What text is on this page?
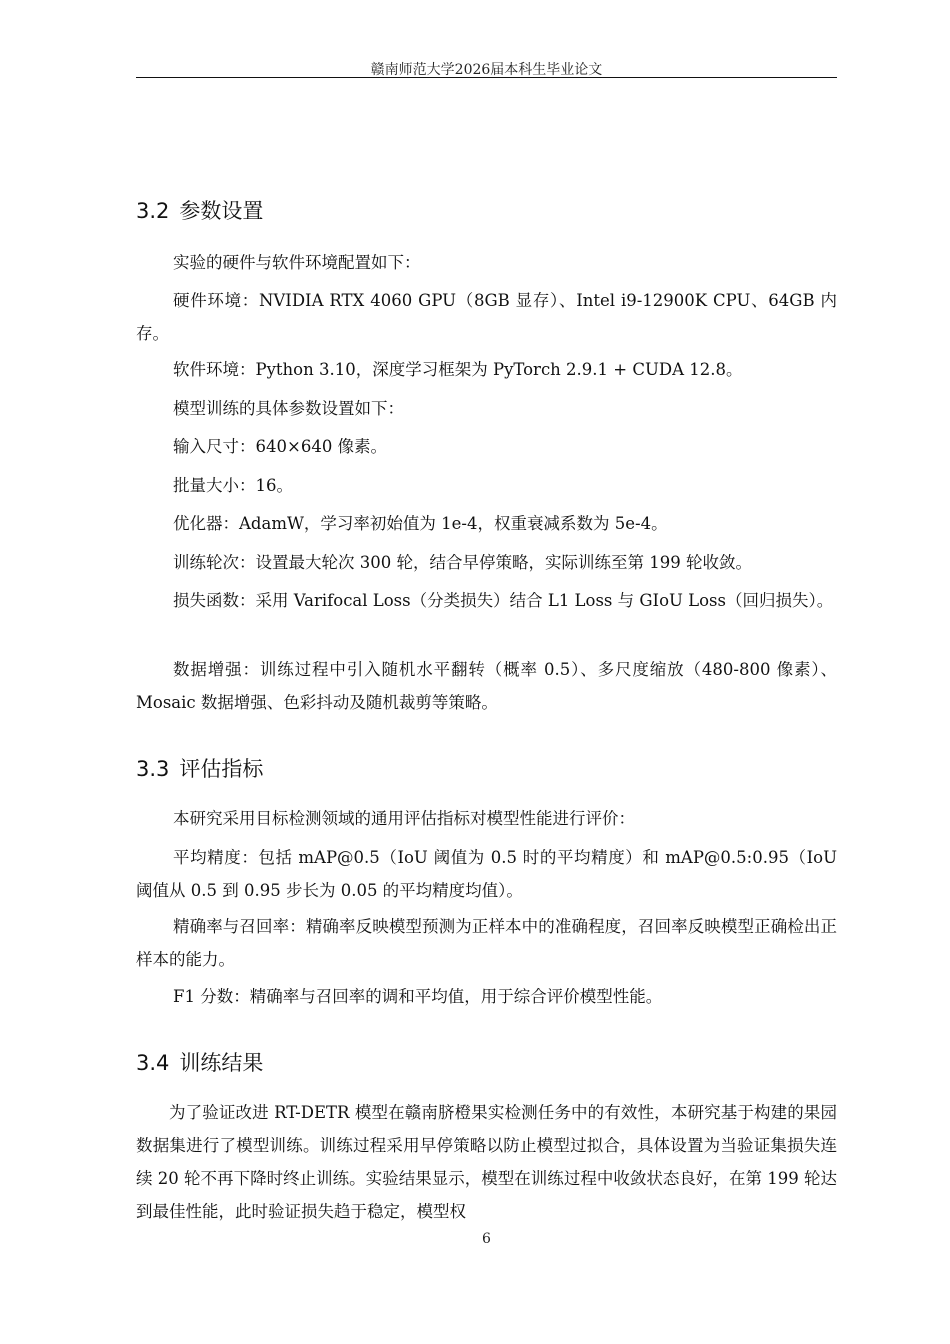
赣南师范大学2026届本科生毕业论文
3.2 参数设置
实验的硬件与软件环境配置如下：
硬件环境：NVIDIA RTX 4060 GPU（8GB 显存）、Intel i9-12900K CPU、64GB 内存。
软件环境：Python 3.10，深度学习框架为 PyTorch 2.9.1 + CUDA 12.8。
模型训练的具体参数设置如下：
输入尺寸：640×640 像素。
批量大小：16。
优化器：AdamW，学习率初始值为 1e-4，权重衰减系数为 5e-4。
训练轮次：设置最大轮次 300 轮，结合早停策略，实际训练至第 199 轮收敛。
损失函数：采用 Varifocal Loss（分类损失）结合 L1 Loss 与 GIoU Loss（回归损失）。
数据增强：训练过程中引入随机水平翻转（概率 0.5）、多尺度缩放（480-800 像素）、Mosaic 数据增强、色彩抖动及随机裁剪等策略。
3.3 评估指标
本研究采用目标检测领域的通用评估指标对模型性能进行评价：
平均精度：包括 mAP@0.5（IoU 阈值为 0.5 时的平均精度）和 mAP@0.5:0.95（IoU 阈值从 0.5 到 0.95 步长为 0.05 的平均精度均值）。
精确率与召回率：精确率反映模型预测为正样本中的准确程度，召回率反映模型正确检出正样本的能力。
F1 分数：精确率与召回率的调和平均值，用于综合评价模型性能。
3.4 训练结果
为了验证改进 RT-DETR 模型在赣南脐橙果实检测任务中的有效性，本研究基于构建的果园数据集进行了模型训练。训练过程采用早停策略以防止模型过拟合，具体设置为当验证集损失连续 20 轮不再下降时终止训练。实验结果显示，模型在训练过程中收敛状态良好，在第 199 轮达到最佳性能，此时验证损失趋于稳定，模型权
6
